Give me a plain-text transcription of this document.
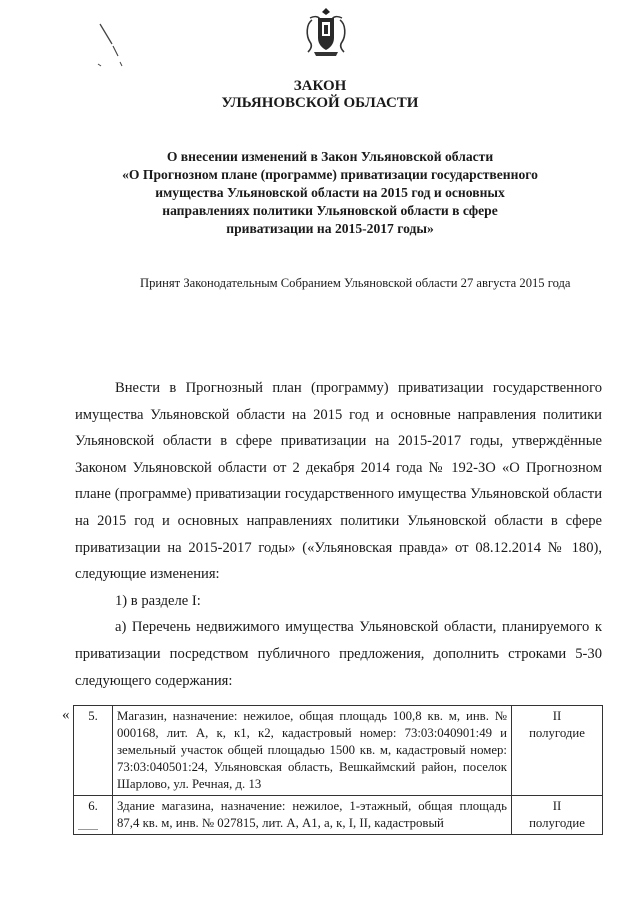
ЗАКОН
УЛЬЯНОВСКОЙ ОБЛАСТИ
О внесении изменений в Закон Ульяновской области
«О Прогнозном плане (программе) приватизации государственного
имущества Ульяновской области на 2015 год и основных
направлениях политики Ульяновской области в сфере
приватизации на 2015-2017 годы»
Принят Законодательным Собранием Ульяновской области 27 августа 2015 года

Внести в Прогнозный план (программу) приватизации государственного имущества Ульяновской области на 2015 год и основные направления политики Ульяновской области в сфере приватизации на 2015-2017 годы, утверждённые Законом Ульяновской области от 2 декабря 2014 года № 192-ЗО «О Прогнозном плане (программе) приватизации государственного имущества Ульяновской области на 2015 год и основных направлениях политики Ульяновской области в сфере приватизации на 2015-2017 годы» («Ульяновская правда» от 08.12.2014 № 180), следующие изменения:

1) в разделе I:

а) Перечень недвижимого имущества Ульяновской области, планируемого к приватизации посредством публичного предложения, дополнить строками 5-30 следующего содержания:

« 5.	Магазин, назначение: нежилое, общая площадь 100,8 кв. м, инв. № 000168, лит. А, к, к1, к2, кадастровый номер: 73:03:040901:49 и земельный участок общей площадью 1500 кв. м, кадастровый номер: 73:03:040501:24, Ульяновская область, Вешкаймский район, поселок Шарлово, ул. Речная, д. 13	II
полугодие

6.	Здание магазина, назначение: нежилое, 1-этажный, общая площадь 87,4 кв. м, инв. № 027815, лит. А, А1, а, к, I, II, кадастровый	II
полугодие
